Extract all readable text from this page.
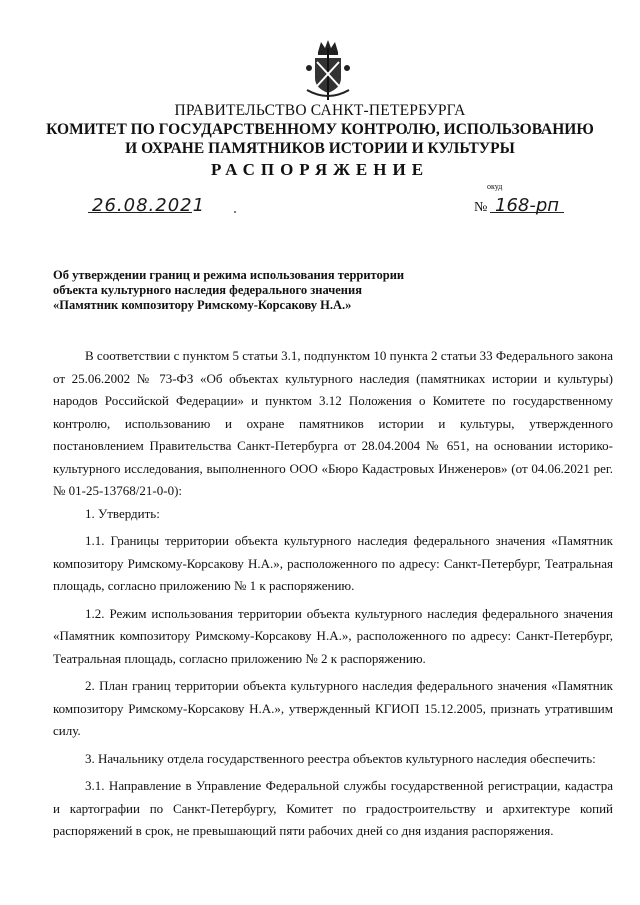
ПРАВИТЕЛЬСТВО САНКТ-ПЕТЕРБУРГА
КОМИТЕТ ПО ГОСУДАРСТВЕННОМУ КОНТРОЛЮ, ИСПОЛЬЗОВАНИЮ
И ОХРАНЕ ПАМЯТНИКОВ ИСТОРИИ И КУЛЬТУРЫ
РАСПОРЯЖЕНИЕ
26.08.2021
окуд
№ 168-рп
Об утверждении границ и режима использования территории
объекта культурного наследия федерального значения
«Памятник композитору Римскому-Корсакову Н.А.»

В соответствии с пунктом 5 статьи 3.1, подпунктом 10 пункта 2 статьи 33 Федерального закона от 25.06.2002 № 73-ФЗ «Об объектах культурного наследия (памятниках истории и культуры) народов Российской Федерации» и пунктом 3.12 Положения о Комитете по государственному контролю, использованию и охране памятников истории и культуры, утвержденного постановлением Правительства Санкт-Петербурга от 28.04.2004 № 651, на основании историко-культурного исследования, выполненного ООО «Бюро Кадастровых Инженеров» (от 04.06.2021 рег. № 01-25-13768/21-0-0):

1. Утвердить:

1.1. Границы территории объекта культурного наследия федерального значения «Памятник композитору Римскому-Корсакову Н.А.», расположенного по адресу: Санкт-Петербург, Театральная площадь, согласно приложению № 1 к распоряжению.

1.2. Режим использования территории объекта культурного наследия федерального значения «Памятник композитору Римскому-Корсакову Н.А.», расположенного по адресу: Санкт-Петербург, Театральная площадь, согласно приложению № 2 к распоряжению.

2. План границ территории объекта культурного наследия федерального значения «Памятник композитору Римскому-Корсакову Н.А.», утвержденный КГИОП 15.12.2005, признать утратившим силу.

3. Начальнику отдела государственного реестра объектов культурного наследия обеспечить:

3.1. Направление в Управление Федеральной службы государственной регистрации, кадастра и картографии по Санкт-Петербургу, Комитет по градостроительству и архитектуре копий распоряжений в срок, не превышающий пяти рабочих дней со дня издания распоряжения.
